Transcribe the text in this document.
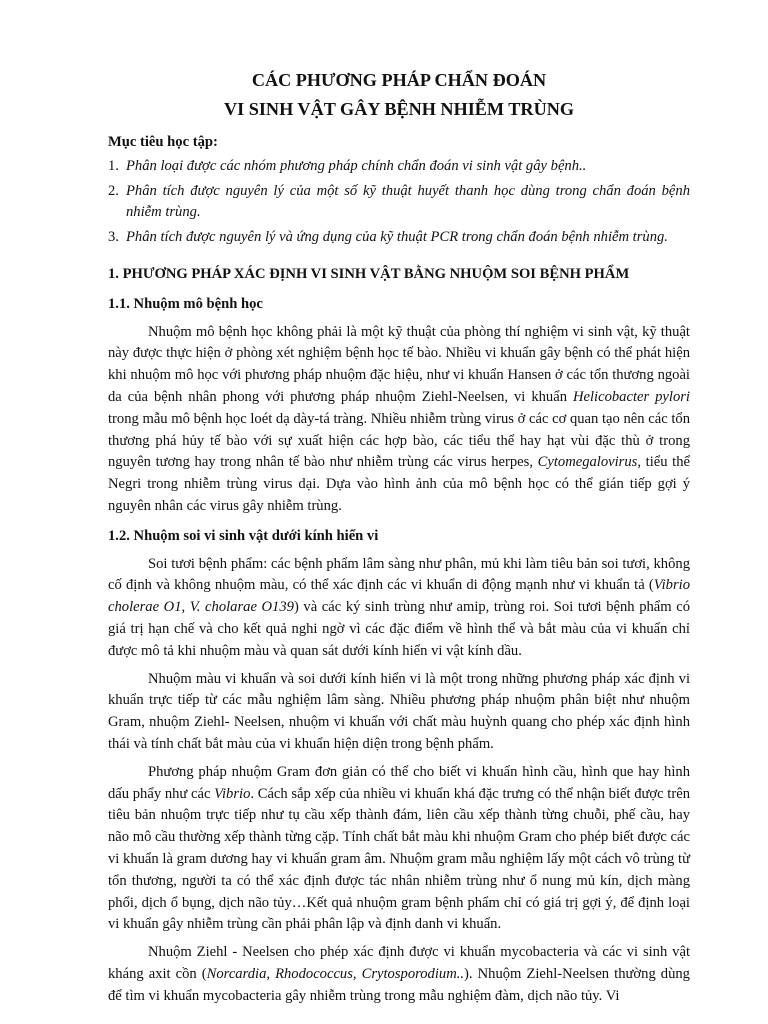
CÁC PHƯƠNG PHÁP CHẨN ĐOÁN
VI SINH VẬT GÂY BỆNH NHIỄM TRÙNG
Mục tiêu học tập:
1. Phân loại được các nhóm phương pháp chính chẩn đoán vi sinh vật gây bệnh..
2. Phân tích được nguyên lý của một số kỹ thuật huyết thanh học dùng trong chẩn đoán bệnh nhiễm trùng.
3. Phân tích được nguyên lý và ứng dụng của kỹ thuật PCR trong chẩn đoán bệnh nhiễm trùng.
1. PHƯƠNG PHÁP XÁC ĐỊNH VI SINH VẬT BẰNG NHUỘM SOI BỆNH PHẨM
1.1. Nhuộm mô bệnh học

Nhuộm mô bệnh học không phải là một kỹ thuật của phòng thí nghiệm vi sinh vật, kỹ thuật này được thực hiện ở phòng xét nghiệm bệnh học tế bào. Nhiều vi khuẩn gây bệnh có thể phát hiện khi nhuộm mô học với phương pháp nhuộm đặc hiệu, như vi khuẩn Hansen ở các tổn thương ngoài da của bệnh nhân phong với phương pháp nhuộm Ziehl-Neelsen, vi khuẩn Helicobacter pylori trong mẫu mô bệnh học loét dạ dày-tá tràng. Nhiều nhiễm trùng virus ở các cơ quan tạo nên các tổn thương phá hủy tế bào với sự xuất hiện các hợp bào, các tiểu thể hay hạt vùi đặc thù ở trong nguyên tương hay trong nhân tế bào như nhiễm trùng các virus herpes, Cytomegalovirus, tiểu thể Negri trong nhiễm trùng virus dại. Dựa vào hình ảnh của mô bệnh học có thể gián tiếp gợi ý nguyên nhân các virus gây nhiễm trùng.

1.2. Nhuộm soi vi sinh vật dưới kính hiển vi

Soi tươi bệnh phẩm: các bệnh phẩm lâm sàng như phân, mủ khi làm tiêu bản soi tươi, không cố định và không nhuộm màu, có thể xác định các vi khuẩn di động mạnh như vi khuẩn tả (Vibrio cholerae O1, V. cholarae O139) và các ký sinh trùng như amip, trùng roi. Soi tươi bệnh phẩm có giá trị hạn chế và cho kết quả nghi ngờ vì các đặc điểm về hình thể và bắt màu của vi khuẩn chỉ được mô tả khi nhuộm màu và quan sát dưới kính hiển vi vật kính dầu.

Nhuộm màu vi khuẩn và soi dưới kính hiển vi là một trong những phương pháp xác định vi khuẩn trực tiếp từ các mẫu nghiệm lâm sàng. Nhiều phương pháp nhuộm phân biệt như nhuộm Gram, nhuộm Ziehl- Neelsen, nhuộm vi khuẩn với chất màu huỳnh quang cho phép xác định hình thái và tính chất bắt màu của vi khuẩn hiện diện trong bệnh phẩm.

Phương pháp nhuộm Gram đơn giản có thể cho biết vi khuẩn hình cầu, hình que hay hình dấu phẩy như các Vibrio. Cách sắp xếp của nhiều vi khuẩn khá đặc trưng có thể nhận biết được trên tiêu bản nhuộm trực tiếp như tụ cầu xếp thành đám, liên cầu xếp thành từng chuỗi, phế cầu, hay não mô cầu thường xếp thành từng cặp. Tính chất bắt màu khi nhuộm Gram cho phép biết được các vi khuẩn là gram dương hay vi khuẩn gram âm. Nhuộm gram mẫu nghiệm lấy một cách vô trùng từ tổn thương, người ta có thể xác định được tác nhân nhiễm trùng như ổ nung mủ kín, dịch màng phổi, dịch ổ bụng, dịch não tủy…Kết quả nhuộm gram bệnh phẩm chỉ có giá trị gợi ý, để định loại vi khuẩn gây nhiễm trùng cần phải phân lập và định danh vi khuẩn.

Nhuộm Ziehl - Neelsen cho phép xác định được vi khuẩn mycobacteria và các vi sinh vật kháng axit cồn (Norcardia, Rhodococcus, Crytosporodium..). Nhuộm Ziehl-Neelsen thường dùng để tìm vi khuẩn mycobacteria gây nhiễm trùng trong mẫu nghiệm đàm, dịch não tủy. Vi
